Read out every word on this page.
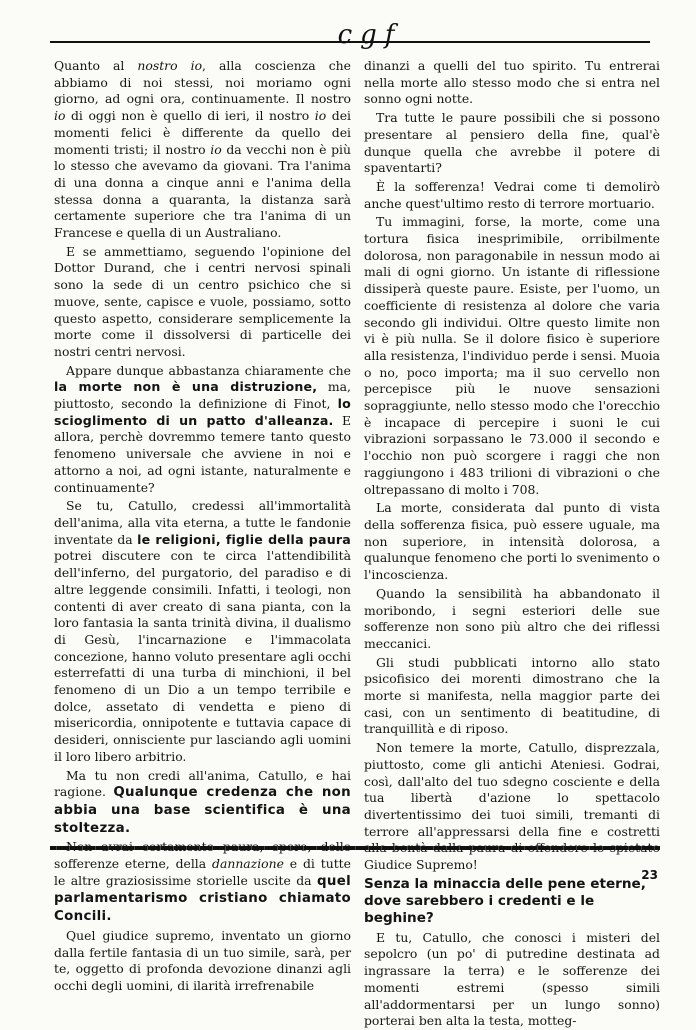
cgf

Quanto al nostro io, alla coscienza che abbiamo di noi stessi, noi moriamo ogni giorno, ad ogni ora, continuamente. Il nostro io di oggi non è quello di ieri, il nostro io dei momenti felici è differente da quello dei momenti tristi; il nostro io da vecchi non è più lo stesso che avevamo da giovani. Tra l'anima di una donna a cinque anni e l'anima della stessa donna a quaranta, la distanza sarà certamente superiore che tra l'anima di un Francese e quella di un Australiano.

E se ammettiamo, seguendo l'opinione del Dottor Durand, che i centri nervosi spinali sono la sede di un centro psichico che si muove, sente, capisce e vuole, possiamo, sotto questo aspetto, considerare semplicemente la morte come il dissolversi di particelle dei nostri centri nervosi.

Appare dunque abbastanza chiaramente che la morte non è una distruzione, ma, piuttosto, secondo la definizione di Finot, lo scioglimento di un patto d'alleanza. E allora, perchè dovremmo temere tanto questo fenomeno universale che avviene in noi e attorno a noi, ad ogni istante, naturalmente e continuamente?

Se tu, Catullo, credessi all'immortalità dell'anima, alla vita eterna, a tutte le fandonie inventate da le religioni, figlie della paura potrei discutere con te circa l'attendibilità dell'inferno, del purgatorio, del paradiso e di altre leggende consimili. Infatti, i teologi, non contenti di aver creato di sana pianta, con la loro fantasia la santa trinità divina, il dualismo di Gesù, l'incarnazione e l'immacolata concezione, hanno voluto presentare agli occhi esterrefatti di una turba di minchioni, il bel fenomeno di un Dio a un tempo terribile e dolce, assetato di vendetta e pieno di misericordia, onnipotente e tuttavia capace di desideri, onnisciente pur lasciando agli uomini il loro libero arbitrio.

Ma tu non credi all'anima, Catullo, e hai ragione. Qualunque credenza che non abbia una base scientifica è una stoltezza.

sofferenze eterne, della dannazione e di tutte le altre graziosissime storielle uscite da quel parlamentarismo cristiano chiamato Concili.

Quel giudice supremo, inventato un giorno dalla fertile fantasia di un tuo simile, sarà, per te, oggetto di profonda devozione dinanzi agli occhi degli uomini, di ilarità irrefrenabile

dinanzi a quelli del tuo spirito. Tu entrerai nella morte allo stesso modo che si entra nel sonno ogni notte.

Tra tutte le paure possibili che si possono presentare al pensiero della fine, qual'è dunque quella che avrebbe il potere di spaventarti?

È la sofferenza! Vedrai come ti demolirò anche quest'ultimo resto di terrore mortuario.

Tu immagini, forse, la morte, come una tortura fisica inesprimibile, orribilmente dolorosa, non paragonabile in nessun modo ai mali di ogni giorno. Un istante di riflessione dissiperà queste paure. Esiste, per l'uomo, un coefficiente di resistenza al dolore che varia secondo gli individui. Oltre questo limite non vi è più nulla. Se il dolore fisico è superiore alla resistenza, l'individuo perde i sensi. Muoia o no, poco importa; ma il suo cervello non percepisce più le nuove sensazioni sopraggiunte, nello stesso modo che l'orecchio è incapace di percepire i suoni le cui vibrazioni sorpassano le 73.000 il secondo e l'occhio non può scorgere i raggi che non raggiungono i 483 trilioni di vibrazioni o che oltrepassano di molto i 708.

La morte, considerata dal punto di vista della sofferenza fisica, può essere uguale, ma non superiore, in intensità dolorosa, a qualunque fenomeno che porti lo svenimento o l'incoscienza.

Quando la sensibilità ha abbandonato il moribondo, i segni esteriori delle sue sofferenze non sono più altro che dei riflessi meccanici.

Gli studi pubblicati intorno allo stato psicofisico dei morenti dimostrano che la morte si manifesta, nella maggior parte dei casi, con un sentimento di beatitudine, di tranquillità e di riposo.

Non temere la morte, Catullo, disprezzala, piuttosto, come gli antichi Ateniesi. Godrai, così, dall'alto del tuo sdegno cosciente e della tua libertà d'azione lo spettacolo divertentissimo dei tuoi simili, tremanti di terrore all'appressarsi della fine e costretti Giudice Supremo!

Senza la minaccia delle pene eterne, dove sarebbero i credenti e le beghine?

E tu, Catullo, che conosci i misteri del sepolcro (un po' di putredine destinata ad ingrassare la terra) e le sofferenze dei momenti estremi (spesso simili all'addormentarsi per un lungo sonno) porterai ben alta la testa, motteg-

23
